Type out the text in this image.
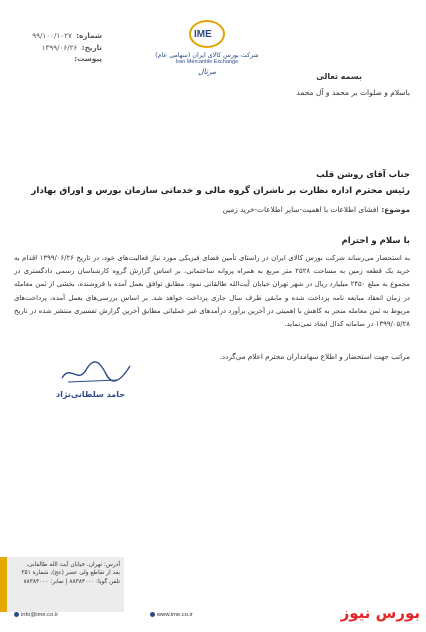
شماره: ۹۹/۱۰۰/۱۰۲۷
تاریخ: ۱۳۹۹/۰۶/۲۶
پیوست:
IME
شرکت بورس کالای ایران (سهامی عام)
Iran Mercantile Exchange
مرتال
بسمه تعالی
باسلام و صلوات بر محمد و آل محمد
جناب آقای روشن قلب
رئیس محترم اداره نظارت بر ناشران گروه مالی و خدماتی سازمان بورس و اوراق بهادار
موضوع:افشای اطلاعات با اهمیت-سایر اطلاعات-خرید زمین
با سلام و احترام
به استحضار می‌رساند شرکت بورس کالای ایران در راستای تأمین فضای فیزیکی مورد نیاز فعالیت‌های خود، در تاریخ ۱۳۹۹/۰۶/۲۶ اقدام به خرید یک قطعه زمین به مساحت ۲۵۲۸ متر مربع به همراه پروانه ساختمانی، بر اساس گزارش گروه کارشناسان رسمی دادگستری در مجموع به مبلغ ۲۴۵۰ میلیارد ریال در شهر تهران خیابان آیت‌الله طالقانی نمود. مطابق توافق بعمل آمده با فروشنده، بخشی از ثمن معامله در زمان انعقاد مبایعه نامه پرداخت شده و مابقی ظرف سال جاری پرداخت خواهد شد. بر اساس بررسی‌های بعمل آمده، پرداخت‌های مربوط به ثمن معامله منجر به کاهش با اهمیتی در آخرین برآورد درآمدهای غیر عملیاتی مطابق آخرین گزارش تفسیری منتشر شده در تاریخ ۱۳۹۹/۰۵/۲۸ در سامانه کدال ایجاد نمی‌نماید.
مراتب جهت استحضار و اطلاع سهامداران محترم اعلام می‌گردد.
حامد سلطانی‌نژاد
آدرس: تهران، خیابان آیت الله طالقانی،
بعد از تقاطع ولی عصر (عج)، شماره ۳۵۱
تلفن گویا: ۸۸۳۸۳۰۰۰ | نمابر: ۸۸۳۸۳۰۰۰
info@ime.co.ir	www.ime.co.ir	بورس نیوز
